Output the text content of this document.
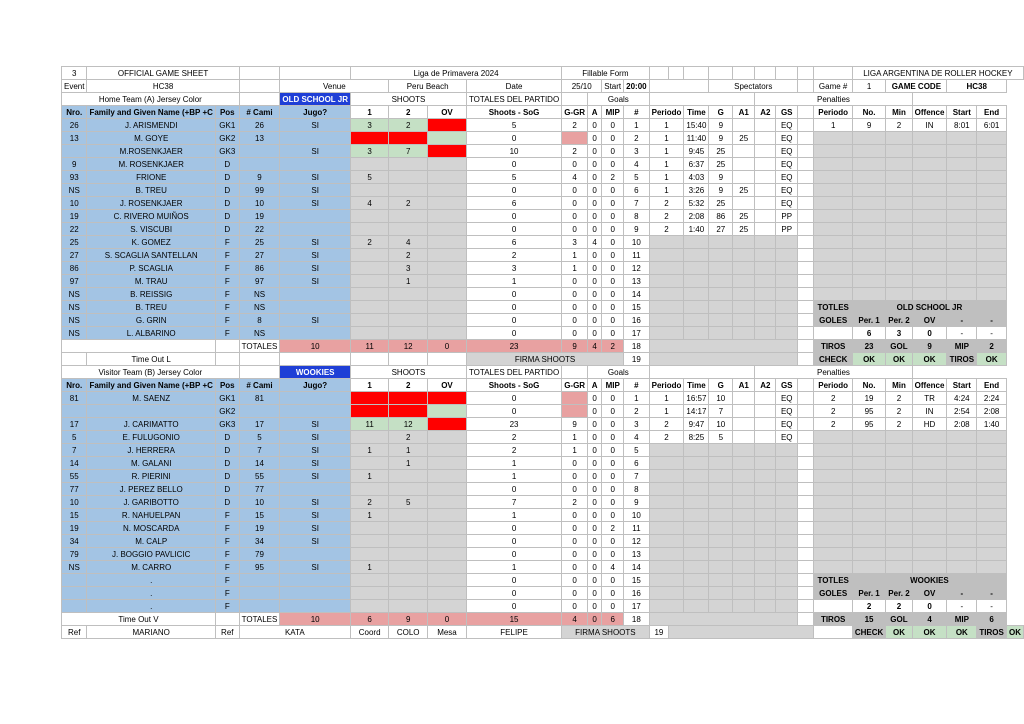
3	OFFICIAL GAME SHEET				Liga de Primavera 2024				Fillable Form													LIGA ARGENTINA DE ROLLER HOCKEY					
Event	HC38			Venue		Peru Beach		Date	25/10		Start	20:00				Spectators					Game #	1	GAME CODE		HC38		
Home Team (A) Jersey Color				OLD SCHOOL JR	SHOOTS			TOTALES DEL PARTIDO		Goals								Penalties									
Nro.	Family and Given Name (+BP +C	Pos	# Cami	Jugo?	1	2	OV	Shoots - SoG	G-GR	A	MIP	#	Periodo		Time	G	A1	A2	GS		Periodo	No.	Min	Offence	Start	End	
26	J. ARISMENDI	GK1	26	SI	3	2		5	2	0	0	1	1		15:40	9			EQ		1	9	2	IN	8:01	6:01	
13	M. GOYE	GK2	13					0		0	0	2	1		11:40	9	25		EQ								
	M.ROSENKJAER	GK3		SI	3	7		10	2	0	0	3	1		9:45	25			EQ								
9	M. ROSENKJAER	D						0	0	0	0	4	1		6:37	25			EQ								
93	FRIONE	D	9	SI	5			5	4	0	2	5	1		4:03	9			EQ								
NS	B. TREU	D	99	SI				0	0	0	0	6	1		3:26	9	25		EQ								
10	J. ROSENKJAER	D	10	SI	4	2		6	0	0	0	7	2		5:32	25			EQ								
19	C. RIVERO MUIÑOS	D	19					0	0	0	0	8	2		2:08	86	25		PP								
22	S. VISCUBI	D	22					0	0	0	0	9	2		1:40	27	25		PP								
25	K. GOMEZ	F	25	SI	2	4		6	3	4	0	10															
27	S. SCAGLIA SANTELLAN	F	27	SI		2		2	1	0	0	11															
86	P. SCAGLIA	F	86	SI		3		3	1	0	0	12															
97	M. TRAU	F	97	SI		1		1	0	0	0	13															
NS	B. REISSIG	F	NS					0	0	0	0	14															
NS	B. TREU	F	NS					0	0	0	0	15									TOTLES	OLD SCHOOL JR					
NS	G. GRIN	F	8	SI				0	0	0	0	16									GOLES	Per. 1	Per. 2	OV	-	-	
NS	L. ALBARINO	F	NS					0	0	0	0	17										6	3	0	-	-	
			TOTALES	10	11	12	0	23	9	4	2	18									TIROS	23	GOL	9	MIP	2	
	Time Out L							FIRMA SHOOTS				19									CHECK	OK	OK	OK	TIROS	OK	
Visitor Team (B) Jersey Color				WOOKIES	SHOOTS			TOTALES DEL PARTIDO		Goals								Penalties									
Nro.	Family and Given Name (+BP +C	Pos	# Cami	Jugo?	1	2	OV	Shoots - SoG	G-GR	A	MIP	#	Periodo		Time	G	A1	A2	GS		Periodo	No.	Min	Offence	Start	End	
81	M. SAENZ	GK1	81					0		0	0	1	1		16:57	10			EQ		2	19	2	TR	4:24	2:24	
		GK2						0		0	0	2	1		14:17	7			EQ		2	95	2	IN	2:54	2:08	
17	J. CARIMATTO	GK3	17	SI	11	12		23	9	0	0	3	2		9:47	10			EQ		2	95	2	HD	2:08	1:40	
5	E. FULUGONIO	D	5	SI		2		2	1	0	0	4	2		8:25	5			EQ								
7	J. HERRERA	D	7	SI	1	1		2	1	0	0	5															
14	M. GALANI	D	14	SI		1		1	0	0	0	6															
55	R. PIERINI	D	55	SI	1			1	0	0	0	7															
77	J. PEREZ BELLO	D	77					0	0	0	0	8															
10	J. GARIBOTTO	D	10	SI	2	5		7	2	0	0	9															
15	R. NAHUELPAN	F	15	SI	1			1	0	0	0	10															
19	N. MOSCARDA	F	19	SI				0	0	0	2	11															
34	M. CALP	F	34	SI				0	0	0	0	12															
79	J. BOGGIO PAVLICIC	F	79					0	0	0	0	13															
NS	M. CARRO	F	95	SI	1			1	0	0	4	14															
	.	F						0	0	0	0	15									TOTLES	WOOKIES					
	.	F						0	0	0	0	16									GOLES	Per. 1	Per. 2	OV	-	-	
	.	F						0	0	0	0	17										2	2	0	-	-	
Time Out V			TOTALES	10	6	9	0	15	4	0	6	18									TIROS	15	GOL	4	MIP	6	
Ref	MARIANO	Ref	KATA		Coord	COLO	Mesa	FELIPE	FIRMA SHOOTS				19									CHECK	OK	OK	OK	TIROS	OK
